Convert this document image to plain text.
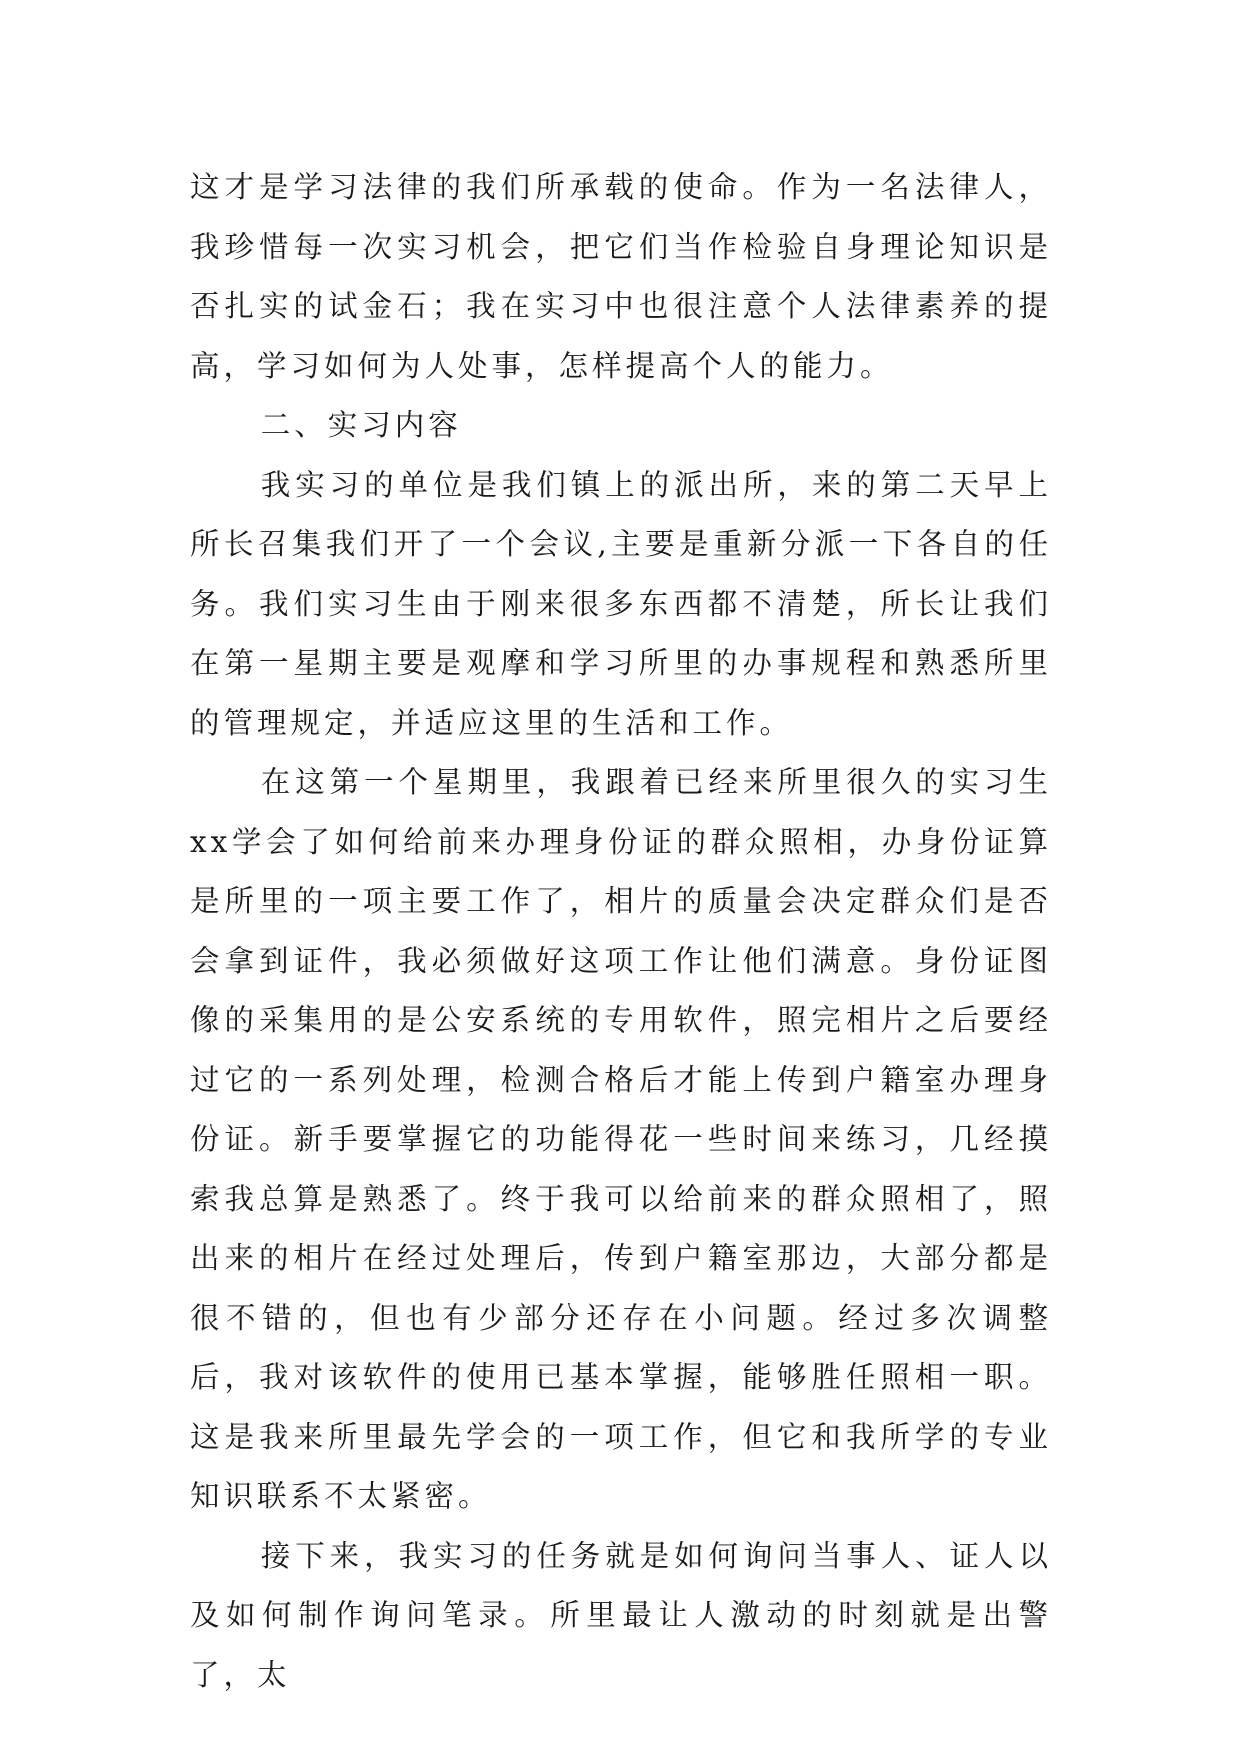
这才是学习法律的我们所承载的使命。作为一名法律人，我珍惜每一次实习机会，把它们当作检验自身理论知识是否扎实的试金石；我在实习中也很注意个人法律素养的提高，学习如何为人处事，怎样提高个人的能力。

二、实习内容

我实习的单位是我们镇上的派出所，来的第二天早上所长召集我们开了一个会议,主要是重新分派一下各自的任务。我们实习生由于刚来很多东西都不清楚，所长让我们在第一星期主要是观摩和学习所里的办事规程和熟悉所里的管理规定，并适应这里的生活和工作。

在这第一个星期里，我跟着已经来所里很久的实习生xx学会了如何给前来办理身份证的群众照相，办身份证算是所里的一项主要工作了，相片的质量会决定群众们是否会拿到证件，我必须做好这项工作让他们满意。身份证图像的采集用的是公安系统的专用软件，照完相片之后要经过它的一系列处理，检测合格后才能上传到户籍室办理身份证。新手要掌握它的功能得花一些时间来练习，几经摸索我总算是熟悉了。终于我可以给前来的群众照相了，照出来的相片在经过处理后，传到户籍室那边，大部分都是很不错的，但也有少部分还存在小问题。经过多次调整后，我对该软件的使用已基本掌握，能够胜任照相一职。这是我来所里最先学会的一项工作，但它和我所学的专业知识联系不太紧密。

接下来，我实习的任务就是如何询问当事人、证人以及如何制作询问笔录。所里最让人激动的时刻就是出警了，太
